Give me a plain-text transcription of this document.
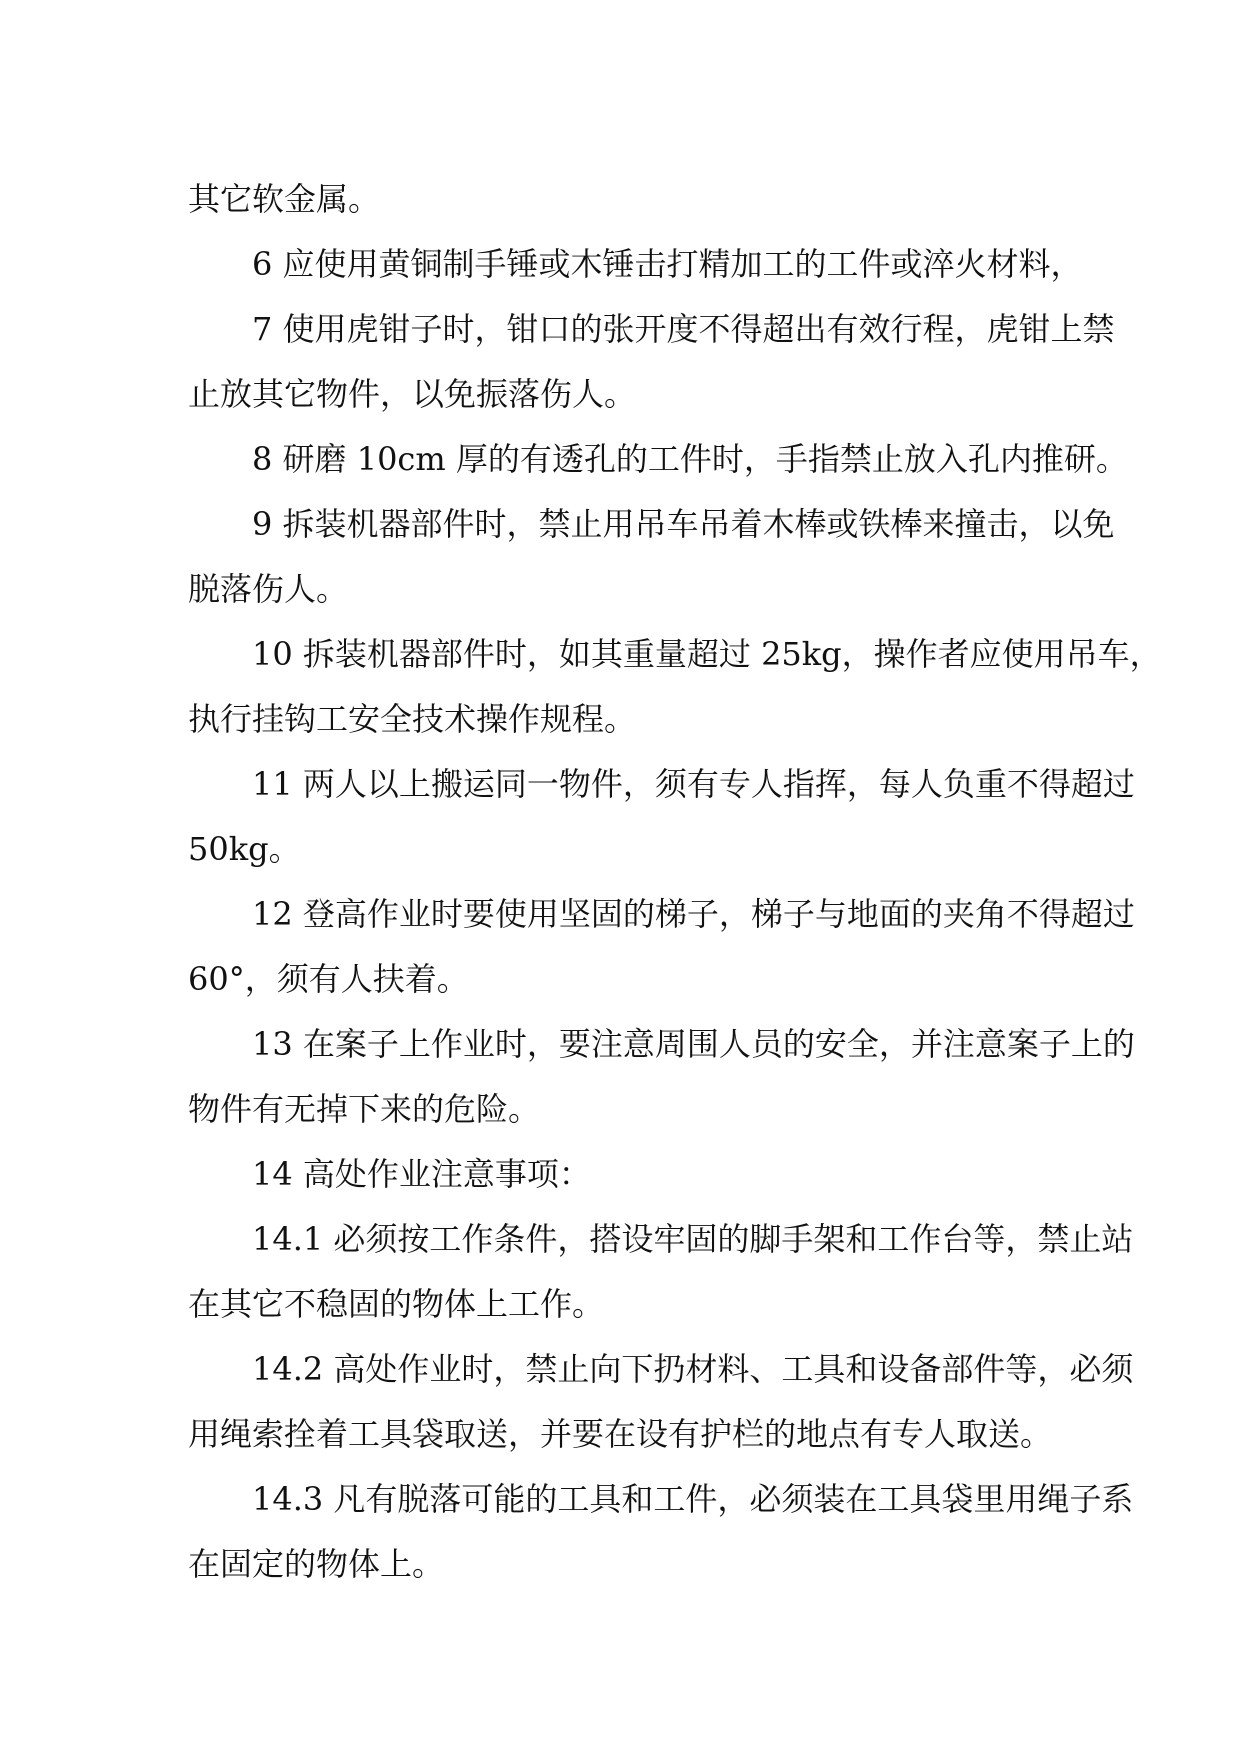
其它软金属。
6 应使用黄铜制手锤或木锤击打精加工的工件或淬火材料，
7 使用虎钳子时，钳口的张开度不得超出有效行程，虎钳上禁
止放其它物件，以免振落伤人。
8 研磨 10cm 厚的有透孔的工件时，手指禁止放入孔内推研。
9 拆装机器部件时，禁止用吊车吊着木棒或铁棒来撞击，以免
脱落伤人。
10 拆装机器部件时，如其重量超过 25kg，操作者应使用吊车，
执行挂钩工安全技术操作规程。
11 两人以上搬运同一物件，须有专人指挥，每人负重不得超过
50kg。
12 登高作业时要使用坚固的梯子，梯子与地面的夹角不得超过
60°，须有人扶着。
13 在案子上作业时，要注意周围人员的安全，并注意案子上的
物件有无掉下来的危险。
14 高处作业注意事项：
14.1 必须按工作条件，搭设牢固的脚手架和工作台等，禁止站
在其它不稳固的物体上工作。
14.2 高处作业时，禁止向下扔材料、工具和设备部件等，必须
用绳索拴着工具袋取送，并要在设有护栏的地点有专人取送。
14.3 凡有脱落可能的工具和工件，必须装在工具袋里用绳子系
在固定的物体上。
